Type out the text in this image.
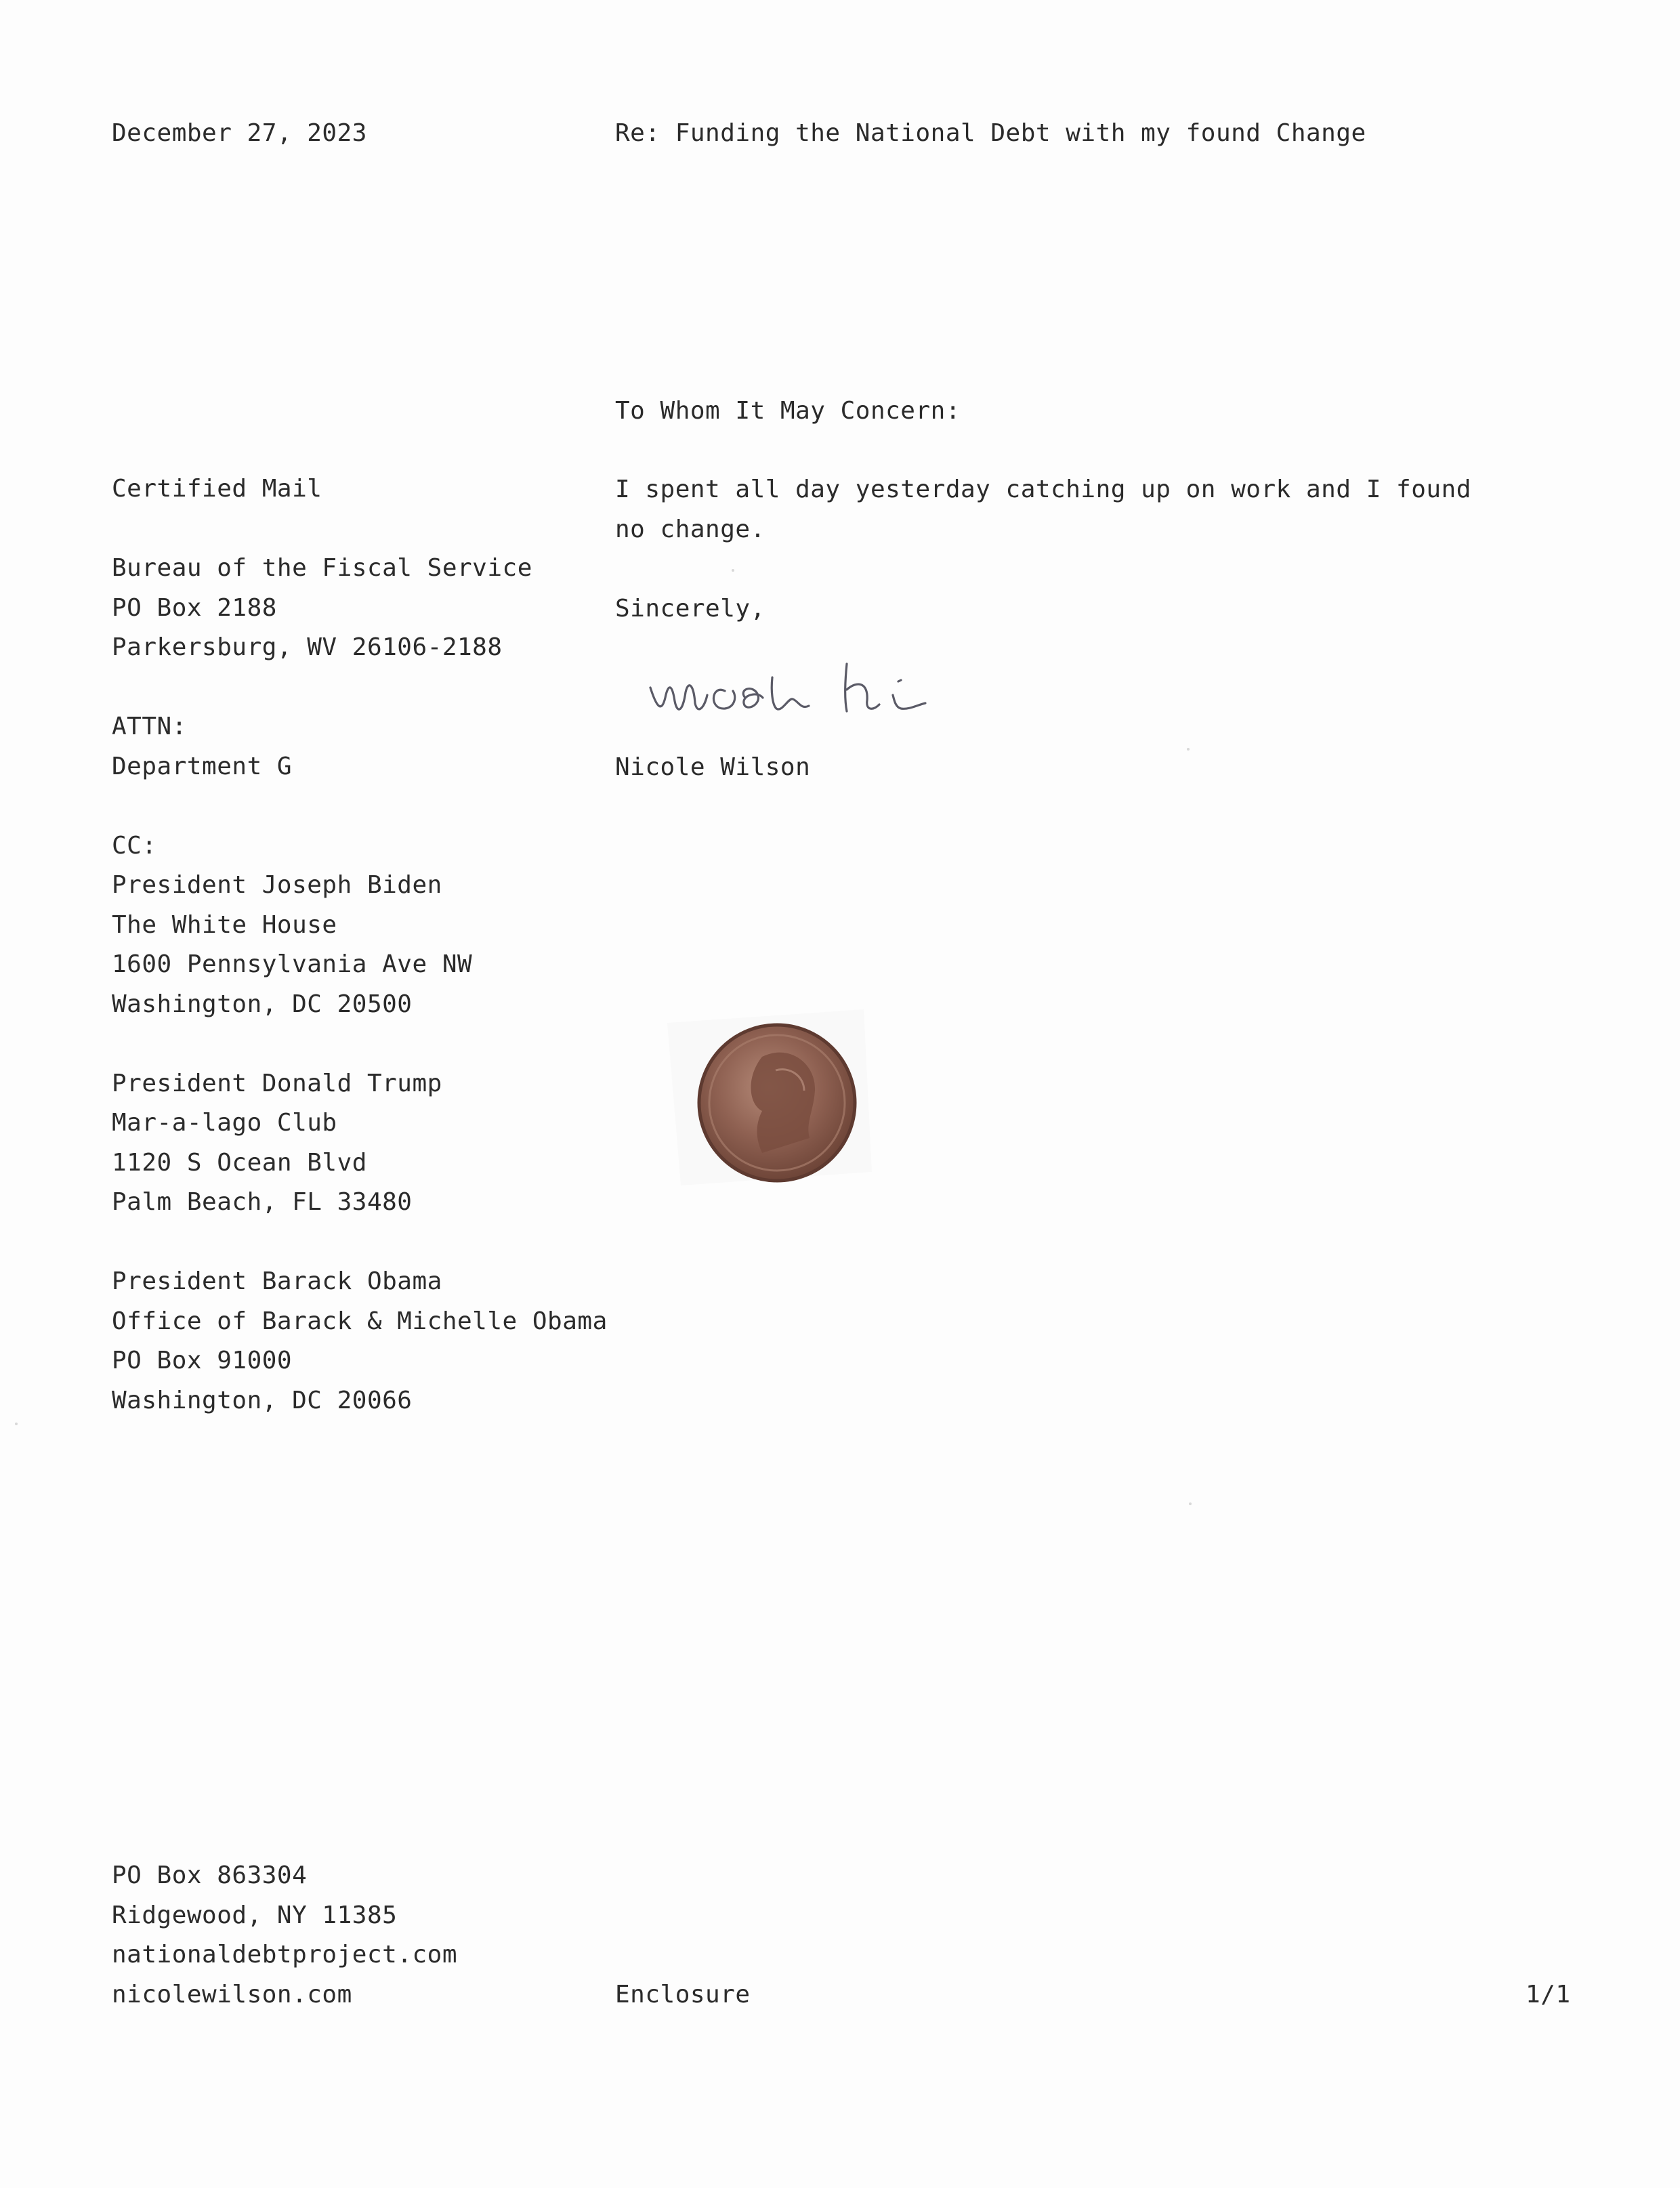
December 27, 2023	Re: Funding the National Debt with my found Change
Certified Mail
Bureau of the Fiscal Service
PO Box 2188
Parkersburg, WV 26106-2188
ATTN:
Department G
CC:
President Joseph Biden
The White House
1600 Pennsylvania Ave NW
Washington, DC 20500
President Donald Trump
Mar-a-lago Club
1120 S Ocean Blvd
Palm Beach, FL 33480
President Barack Obama
Office of Barack & Michelle Obama
PO Box 91000
Washington, DC 20066
To Whom It May Concern:
I spent all day yesterday catching up on work and I found no change.
Sincerely,
Nicole Wilson
PO Box 863304
Ridgewood, NY 11385
nationaldebtproject.com
nicolewilson.com	Enclosure	1/1
